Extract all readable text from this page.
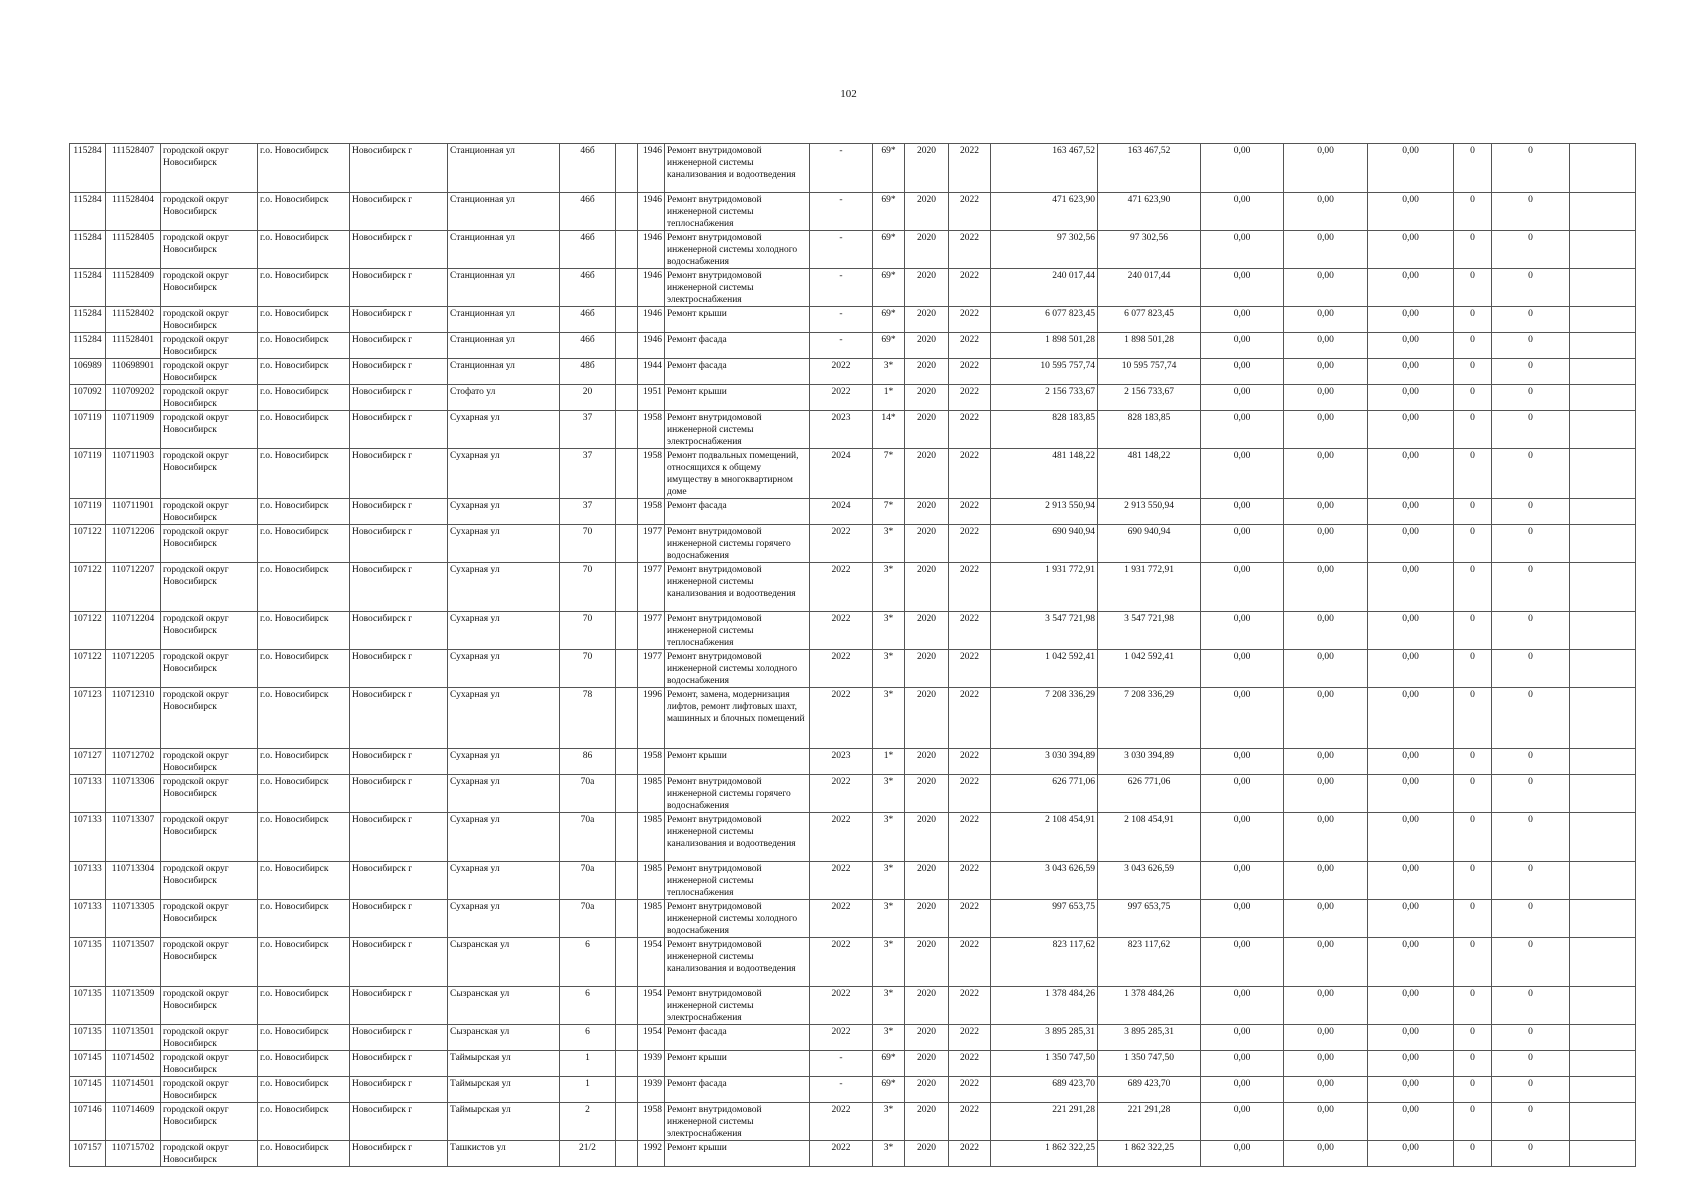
102
115284	111528407	городской округ Новосибирск	г.о. Новосибирск	Новосибирск г	Станционная ул	46б		1946	Ремонт внутридомовой инженерной системы канализования и водоотведения	-	69*	2020	2022	163 467,52	163 467,52	0,00	0,00	0,00	0	0	
115284	111528404	городской округ Новосибирск	г.о. Новосибирск	Новосибирск г	Станционная ул	46б		1946	Ремонт внутридомовой инженерной системы теплоснабжения	-	69*	2020	2022	471 623,90	471 623,90	0,00	0,00	0,00	0	0	
115284	111528405	городской округ Новосибирск	г.о. Новосибирск	Новосибирск г	Станционная ул	46б		1946	Ремонт внутридомовой инженерной системы холодного водоснабжения	-	69*	2020	2022	97 302,56	97 302,56	0,00	0,00	0,00	0	0	
115284	111528409	городской округ Новосибирск	г.о. Новосибирск	Новосибирск г	Станционная ул	46б		1946	Ремонт внутридомовой инженерной системы электроснабжения	-	69*	2020	2022	240 017,44	240 017,44	0,00	0,00	0,00	0	0	
115284	111528402	городской округ Новосибирск	г.о. Новосибирск	Новосибирск г	Станционная ул	46б		1946	Ремонт крыши	-	69*	2020	2022	6 077 823,45	6 077 823,45	0,00	0,00	0,00	0	0	
115284	111528401	городской округ Новосибирск	г.о. Новосибирск	Новосибирск г	Станционная ул	46б		1946	Ремонт фасада	-	69*	2020	2022	1 898 501,28	1 898 501,28	0,00	0,00	0,00	0	0	
106989	110698901	городской округ Новосибирск	г.о. Новосибирск	Новосибирск г	Станционная ул	48б		1944	Ремонт фасада	2022	3*	2020	2022	10 595 757,74	10 595 757,74	0,00	0,00	0,00	0	0	
107092	110709202	городской округ Новосибирск	г.о. Новосибирск	Новосибирск г	Стофато ул	20		1951	Ремонт крыши	2022	1*	2020	2022	2 156 733,67	2 156 733,67	0,00	0,00	0,00	0	0	
107119	110711909	городской округ Новосибирск	г.о. Новосибирск	Новосибирск г	Сухарная ул	37		1958	Ремонт внутридомовой инженерной системы электроснабжения	2023	14*	2020	2022	828 183,85	828 183,85	0,00	0,00	0,00	0	0	
107119	110711903	городской округ Новосибирск	г.о. Новосибирск	Новосибирск г	Сухарная ул	37		1958	Ремонт подвальных помещений, относящихся к общему имуществу в многоквартирном доме	2024	7*	2020	2022	481 148,22	481 148,22	0,00	0,00	0,00	0	0	
107119	110711901	городской округ Новосибирск	г.о. Новосибирск	Новосибирск г	Сухарная ул	37		1958	Ремонт фасада	2024	7*	2020	2022	2 913 550,94	2 913 550,94	0,00	0,00	0,00	0	0	
107122	110712206	городской округ Новосибирск	г.о. Новосибирск	Новосибирск г	Сухарная ул	70		1977	Ремонт внутридомовой инженерной системы горячего водоснабжения	2022	3*	2020	2022	690 940,94	690 940,94	0,00	0,00	0,00	0	0	
107122	110712207	городской округ Новосибирск	г.о. Новосибирск	Новосибирск г	Сухарная ул	70		1977	Ремонт внутридомовой инженерной системы канализования и водоотведения	2022	3*	2020	2022	1 931 772,91	1 931 772,91	0,00	0,00	0,00	0	0	
107122	110712204	городской округ Новосибирск	г.о. Новосибирск	Новосибирск г	Сухарная ул	70		1977	Ремонт внутридомовой инженерной системы теплоснабжения	2022	3*	2020	2022	3 547 721,98	3 547 721,98	0,00	0,00	0,00	0	0	
107122	110712205	городской округ Новосибирск	г.о. Новосибирск	Новосибирск г	Сухарная ул	70		1977	Ремонт внутридомовой инженерной системы холодного водоснабжения	2022	3*	2020	2022	1 042 592,41	1 042 592,41	0,00	0,00	0,00	0	0	
107123	110712310	городской округ Новосибирск	г.о. Новосибирск	Новосибирск г	Сухарная ул	78		1996	Ремонт, замена, модернизация лифтов, ремонт лифтовых шахт, машинных и блочных помещений	2022	3*	2020	2022	7 208 336,29	7 208 336,29	0,00	0,00	0,00	0	0	
107127	110712702	городской округ Новосибирск	г.о. Новосибирск	Новосибирск г	Сухарная ул	86		1958	Ремонт крыши	2023	1*	2020	2022	3 030 394,89	3 030 394,89	0,00	0,00	0,00	0	0	
107133	110713306	городской округ Новосибирск	г.о. Новосибирск	Новосибирск г	Сухарная ул	70а		1985	Ремонт внутридомовой инженерной системы горячего водоснабжения	2022	3*	2020	2022	626 771,06	626 771,06	0,00	0,00	0,00	0	0	
107133	110713307	городской округ Новосибирск	г.о. Новосибирск	Новосибирск г	Сухарная ул	70а		1985	Ремонт внутридомовой инженерной системы канализования и водоотведения	2022	3*	2020	2022	2 108 454,91	2 108 454,91	0,00	0,00	0,00	0	0	
107133	110713304	городской округ Новосибирск	г.о. Новосибирск	Новосибирск г	Сухарная ул	70а		1985	Ремонт внутридомовой инженерной системы теплоснабжения	2022	3*	2020	2022	3 043 626,59	3 043 626,59	0,00	0,00	0,00	0	0	
107133	110713305	городской округ Новосибирск	г.о. Новосибирск	Новосибирск г	Сухарная ул	70а		1985	Ремонт внутридомовой инженерной системы холодного водоснабжения	2022	3*	2020	2022	997 653,75	997 653,75	0,00	0,00	0,00	0	0	
107135	110713507	городской округ Новосибирск	г.о. Новосибирск	Новосибирск г	Сызранская ул	6		1954	Ремонт внутридомовой инженерной системы канализования и водоотведения	2022	3*	2020	2022	823 117,62	823 117,62	0,00	0,00	0,00	0	0	
107135	110713509	городской округ Новосибирск	г.о. Новосибирск	Новосибирск г	Сызранская ул	6		1954	Ремонт внутридомовой инженерной системы электроснабжения	2022	3*	2020	2022	1 378 484,26	1 378 484,26	0,00	0,00	0,00	0	0	
107135	110713501	городской округ Новосибирск	г.о. Новосибирск	Новосибирск г	Сызранская ул	6		1954	Ремонт фасада	2022	3*	2020	2022	3 895 285,31	3 895 285,31	0,00	0,00	0,00	0	0	
107145	110714502	городской округ Новосибирск	г.о. Новосибирск	Новосибирск г	Таймырская ул	1		1939	Ремонт крыши	-	69*	2020	2022	1 350 747,50	1 350 747,50	0,00	0,00	0,00	0	0	
107145	110714501	городской округ Новосибирск	г.о. Новосибирск	Новосибирск г	Таймырская ул	1		1939	Ремонт фасада	-	69*	2020	2022	689 423,70	689 423,70	0,00	0,00	0,00	0	0	
107146	110714609	городской округ Новосибирск	г.о. Новосибирск	Новосибирск г	Таймырская ул	2		1958	Ремонт внутридомовой инженерной системы электроснабжения	2022	3*	2020	2022	221 291,28	221 291,28	0,00	0,00	0,00	0	0	
107157	110715702	городской округ Новосибирск	г.о. Новосибирск	Новосибирск г	Ташкистов ул	21/2		1992	Ремонт крыши	2022	3*	2020	2022	1 862 322,25	1 862 322,25	0,00	0,00	0,00	0	0	
